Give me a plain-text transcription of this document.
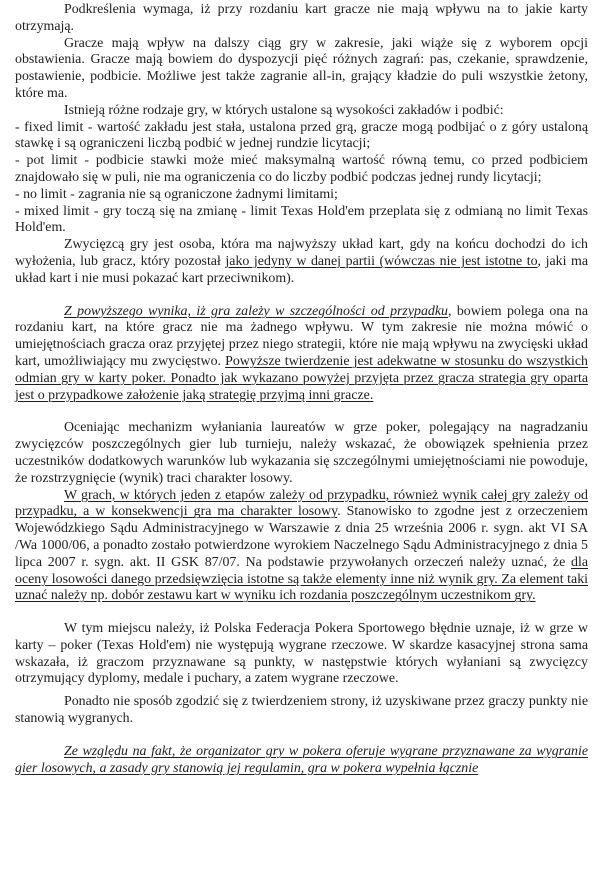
Podkreślenia wymaga, iż przy rozdaniu kart gracze nie mają wpływu na to jakie karty otrzymają.

Gracze mają wpływ na dalszy ciąg gry w zakresie, jaki wiąże się z wyborem opcji obstawienia. Gracze mają bowiem do dyspozycji pięć różnych zagrań: pas, czekanie, sprawdzenie, postawienie, podbicie. Możliwe jest także zagranie all-in, grający kładzie do puli wszystkie żetony, które ma.

Istnieją różne rodzaje gry, w których ustalone są wysokości zakładów i podbić:

- fixed limit - wartość zakładu jest stała, ustalona przed grą, gracze mogą podbijać o z góry ustaloną stawkę i są ograniczeni liczbą podbić w jednej rundzie licytacji;

- pot limit - podbicie stawki może mieć maksymalną wartość równą temu, co przed podbiciem znajdowało się w puli, nie ma ograniczenia co do liczby podbić podczas jednej rundy licytacji;

- no limit - zagrania nie są ograniczone żadnymi limitami;

- mixed limit - gry toczą się na zmianę - limit Texas Hold'em przeplata się z odmianą no limit Texas Hold'em.

Zwycięzcą gry jest osoba, która ma najwyższy układ kart, gdy na końcu dochodzi do ich wyłożenia, lub gracz, który pozostał jako jedyny w danej partii (wówczas nie jest istotne to, jaki ma układ kart i nie musi pokazać kart przeciwnikom).

Z powyższego wynika, iż gra zależy w szczególności od przypadku, bowiem polega ona na rozdaniu kart, na które gracz nie ma żadnego wpływu. W tym zakresie nie można mówić o umiejętnościach gracza oraz przyjętej przez niego strategii, które nie mają wpływu na zwycięski układ kart, umożliwiający mu zwycięstwo. Powyższe twierdzenie jest adekwatne w stosunku do wszystkich odmian gry w karty poker. Ponadto jak wykazano powyżej przyjęta przez gracza strategia gry oparta jest o przypadkowe założenie jaką strategię przyjmą inni gracze.

Oceniając mechanizm wyłaniania laureatów w grze poker, polegający na nagradzaniu zwycięzców poszczególnych gier lub turnieju, należy wskazać, że obowiązek spełnienia przez uczestników dodatkowych warunków lub wykazania się szczególnymi umiejętnościami nie powoduje, że rozstrzygnięcie (wynik) traci charakter losowy.

W grach, w których jeden z etapów zależy od przypadku, również wynik całej gry zależy od przypadku, a w konsekwencji gra ma charakter losowy. Stanowisko to zgodne jest z orzeczeniem Wojewódzkiego Sądu Administracyjnego w Warszawie z dnia 25 września 2006 r. sygn. akt VI SA /Wa 1000/06, a ponadto zostało potwierdzone wyrokiem Naczelnego Sądu Administracyjnego z dnia 5 lipca 2007 r. sygn. akt. II GSK 87/07. Na podstawie przywołanych orzeczeń należy uznać, że dla oceny losowości danego przedsięwzięcia istotne są także elementy inne niż wynik gry. Za element taki uznać należy np. dobór zestawu kart w wyniku ich rozdania poszczególnym uczestnikom gry.

W tym miejscu należy, iż Polska Federacja Pokera Sportowego błędnie uznaje, iż w grze w karty – poker (Texas Hold'em) nie występują wygrane rzeczowe. W skardze kasacyjnej strona sama wskazała, iż graczom przyznawane są punkty, w następstwie których wyłaniani są zwycięzcy otrzymujący dyplomy, medale i puchary, a zatem wygrane rzeczowe.

Ponadto nie sposób zgodzić się z twierdzeniem strony, iż uzyskiwane przez graczy punkty nie stanowią wygranych.

Ze względu na fakt, że organizator gry w pokera oferuje wygrane przyznawane za wygranie gier losowych, a zasady gry stanowią jej regulamin, gra w pokera wypełnia łącznie
